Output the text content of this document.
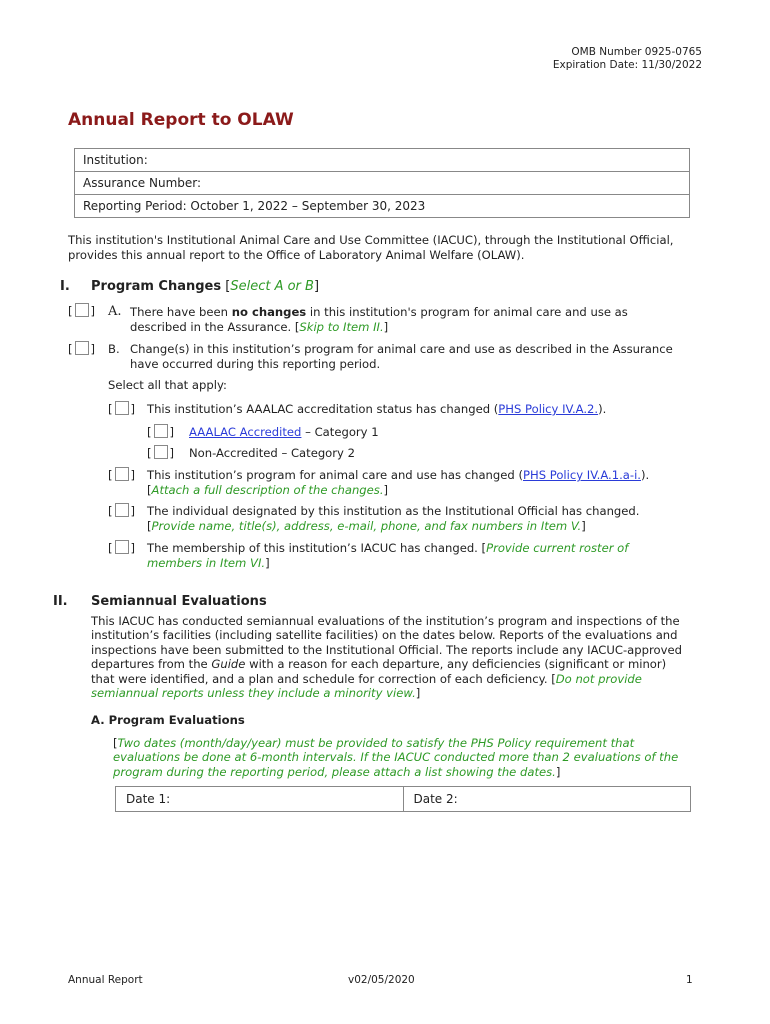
OMB Number 0925-0765
Expiration Date: 11/30/2022
Annual Report to OLAW
Institution:
Assurance Number:
Reporting Period: October 1, 2022 – September 30, 2023
This institution's Institutional Animal Care and Use Committee (IACUC), through the Institutional Official,
provides this annual report to the Office of Laboratory Animal Welfare (OLAW).
I. Program Changes [Select A or B]
[ ] A. There have been no changes in this institution's program for animal care and use as
described in the Assurance. [Skip to Item II.]
[ ] B. Change(s) in this institution’s program for animal care and use as described in the Assurance
have occurred during this reporting period.
Select all that apply:
[ ] This institution’s AAALAC accreditation status has changed (PHS Policy IV.A.2.).
[ ] AAALAC Accredited – Category 1
[ ] Non-Accredited – Category 2
[ ] This institution’s program for animal care and use has changed (PHS Policy IV.A.1.a-i.).
[Attach a full description of the changes.]
[ ] The individual designated by this institution as the Institutional Official has changed.
[Provide name, title(s), address, e-mail, phone, and fax numbers in Item V.]
[ ] The membership of this institution’s IACUC has changed. [Provide current roster of
members in Item VI.]
II. Semiannual Evaluations
This IACUC has conducted semiannual evaluations of the institution’s program and inspections of the
institution’s facilities (including satellite facilities) on the dates below. Reports of the evaluations and
inspections have been submitted to the Institutional Official. The reports include any IACUC-approved
departures from the Guide with a reason for each departure, any deficiencies (significant or minor)
that were identified, and a plan and schedule for correction of each deficiency. [Do not provide
semiannual reports unless they include a minority view.]
A. Program Evaluations
[Two dates (month/day/year) must be provided to satisfy the PHS Policy requirement that
evaluations be done at 6-month intervals. If the IACUC conducted more than 2 evaluations of the
program during the reporting period, please attach a list showing the dates.]
Date 1:	Date 2:
Annual Report	v02/05/2020	1
